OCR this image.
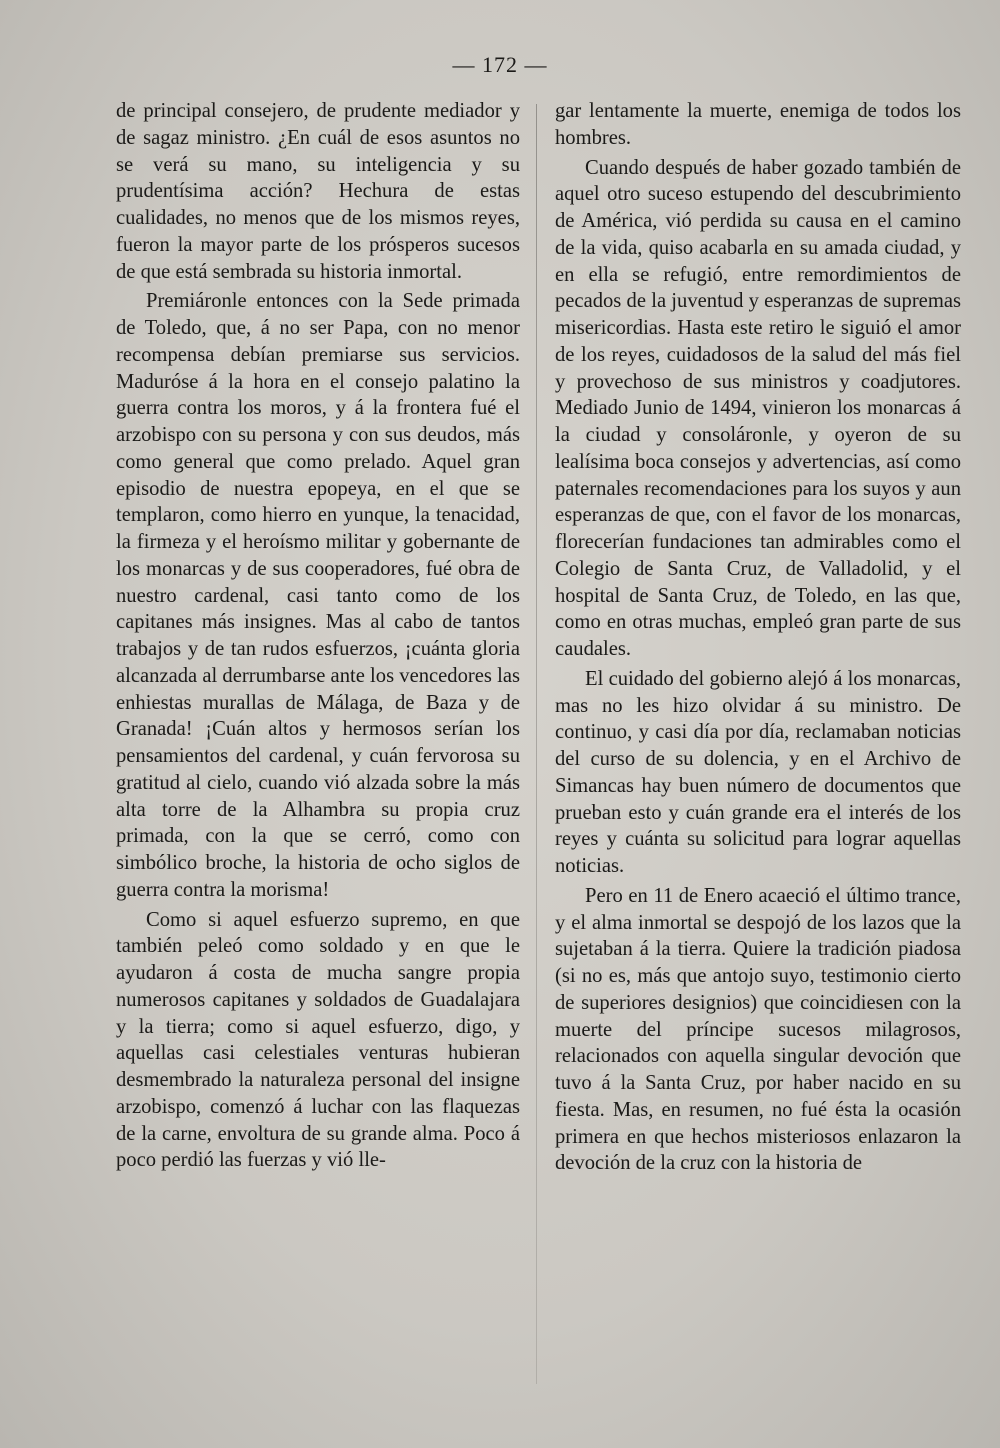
— 172 —

de principal consejero, de prudente mediador y de sagaz ministro. ¿En cuál de esos asuntos no se verá su mano, su inteligencia y su prudentísima acción? Hechura de estas cualidades, no menos que de los mismos reyes, fueron la mayor parte de los prósperos sucesos de que está sembrada su historia inmortal.

Premiáronle entonces con la Sede primada de Toledo, que, á no ser Papa, con no menor recompensa debían premiarse sus servicios. Maduróse á la hora en el consejo palatino la guerra contra los moros, y á la frontera fué el arzobispo con su persona y con sus deudos, más como general que como prelado. Aquel gran episodio de nuestra epopeya, en el que se templaron, como hierro en yunque, la tenacidad, la firmeza y el heroísmo militar y gobernante de los monarcas y de sus cooperadores, fué obra de nuestro cardenal, casi tanto como de los capitanes más insignes. Mas al cabo de tantos trabajos y de tan rudos esfuerzos, ¡cuánta gloria alcanzada al derrumbarse ante los vencedores las enhiestas murallas de Málaga, de Baza y de Granada! ¡Cuán altos y hermosos serían los pensamientos del cardenal, y cuán fervorosa su gratitud al cielo, cuando vió alzada sobre la más alta torre de la Alhambra su propia cruz primada, con la que se cerró, como con simbólico broche, la historia de ocho siglos de guerra contra la morisma!

Como si aquel esfuerzo supremo, en que también peleó como soldado y en que le ayudaron á costa de mucha sangre propia numerosos capitanes y soldados de Guadalajara y la tierra; como si aquel esfuerzo, digo, y aquellas casi celestiales venturas hubieran desmembrado la naturaleza personal del insigne arzobispo, comenzó á luchar con las flaquezas de la carne, envoltura de su grande alma. Poco á poco perdió las fuerzas y vió lle-

gar lentamente la muerte, enemiga de todos los hombres.

Cuando después de haber gozado también de aquel otro suceso estupendo del descubrimiento de América, vió perdida su causa en el camino de la vida, quiso acabarla en su amada ciudad, y en ella se refugió, entre remordimientos de pecados de la juventud y esperanzas de supremas misericordias. Hasta este retiro le siguió el amor de los reyes, cuidadosos de la salud del más fiel y provechoso de sus ministros y coadjutores. Mediado Junio de 1494, vinieron los monarcas á la ciudad y consoláronle, y oyeron de su lealísima boca consejos y advertencias, así como paternales recomendaciones para los suyos y aun esperanzas de que, con el favor de los monarcas, florecerían fundaciones tan admirables como el Colegio de Santa Cruz, de Valladolid, y el hospital de Santa Cruz, de Toledo, en las que, como en otras muchas, empleó gran parte de sus caudales.

El cuidado del gobierno alejó á los monarcas, mas no les hizo olvidar á su ministro. De continuo, y casi día por día, reclamaban noticias del curso de su dolencia, y en el Archivo de Simancas hay buen número de documentos que prueban esto y cuán grande era el interés de los reyes y cuánta su solicitud para lograr aquellas noticias.

Pero en 11 de Enero acaeció el último trance, y el alma inmortal se despojó de los lazos que la sujetaban á la tierra. Quiere la tradición piadosa (si no es, más que antojo suyo, testimonio cierto de superiores designios) que coincidiesen con la muerte del príncipe sucesos milagrosos, relacionados con aquella singular devoción que tuvo á la Santa Cruz, por haber nacido en su fiesta. Mas, en resumen, no fué ésta la ocasión primera en que hechos misteriosos enlazaron la devoción de la cruz con la historia de
